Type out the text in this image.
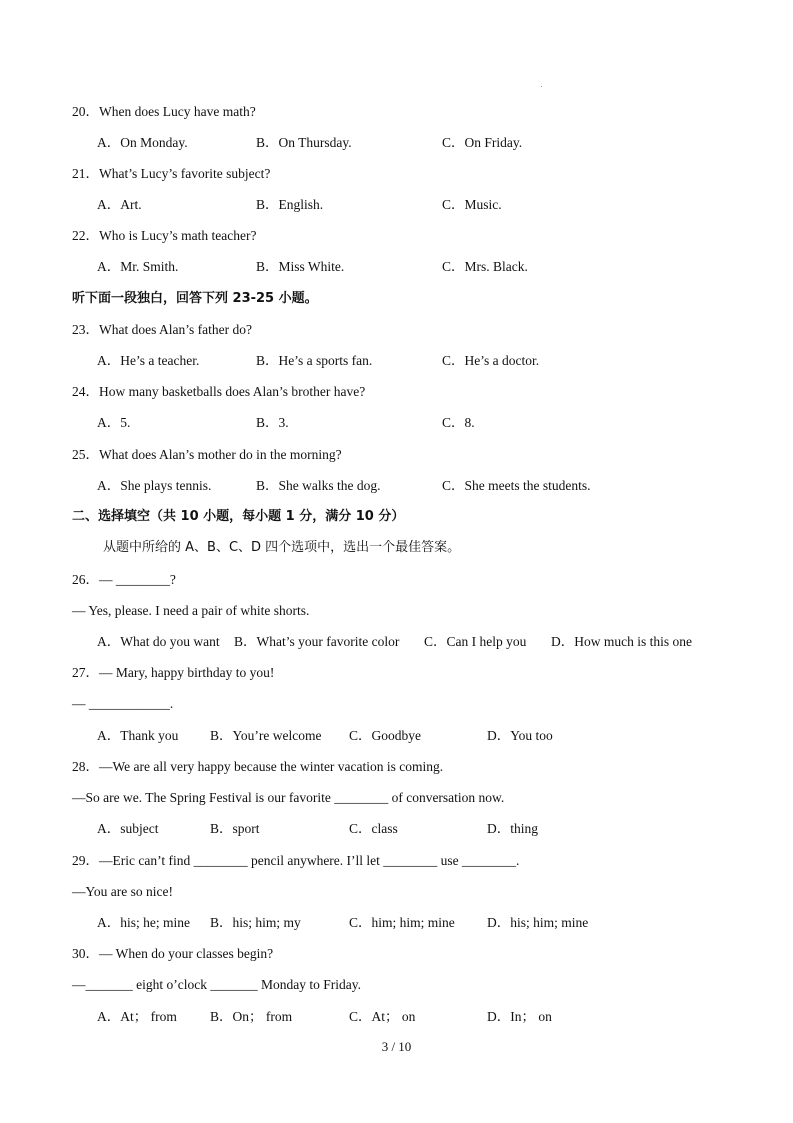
20．When does Lucy have math?
A．On Monday.	B．On Thursday.	C．On Friday.
21．What’s Lucy’s favorite subject?
A．Art.	B．English.	C．Music.
22．Who is Lucy’s math teacher?
A．Mr. Smith.	B．Miss White.	C．Mrs. Black.
听下面一段独白，回答下列 23-25 小题。
23．What does Alan’s father do?
A．He’s a teacher.	B．He’s a sports fan.	C．He’s a doctor.
24．How many basketballs does Alan’s brother have?
A．5.	B．3.	C．8.
25．What does Alan’s mother do in the morning?
A．She plays tennis.	B．She walks the dog.	C．She meets the students.
二、选择填空（共 10 小题，每小题 1 分，满分 10 分）
从题中所给的 A、B、C、D 四个选项中，选出一个最佳答案。
26．— ________?
— Yes, please. I need a pair of white shorts.
A．What do you want B．What’s your favorite color C．Can I help you D．How much is this one
27．— Mary, happy birthday to you!
— ____________.
A．Thank you B．You’re welcome C．Goodbye	D．You too
28．—We are all very happy because the winter vacation is coming.
—So are we. The Spring Festival is our favorite ________ of conversation now.
A．subject	B．sport	C．class	D．thing
29．—Eric can’t find ________ pencil anywhere. I’ll let ________ use ________.
—You are so nice!
A．his; he; mine B．his; him; my	C．him; him; mine D．his; him; mine
30．— When do your classes begin?
—_______ eight o’clock _______ Monday to Friday.
A．At； from B．On； from	C．At； on	D．In； on
3 / 10
